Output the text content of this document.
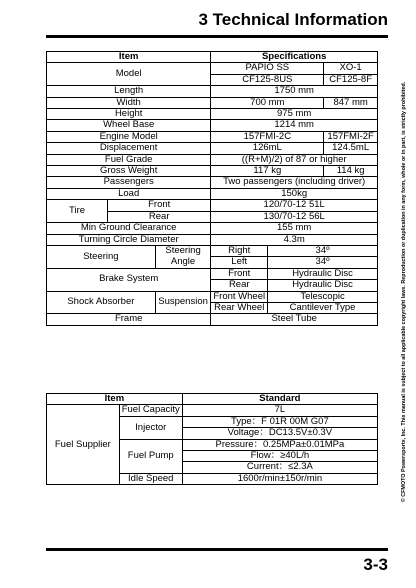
3 Technical Information
Item			Specifications		
Model			PAPIO SS		XO-1
			CF125-8US		CF125-8F
Length			1750 mm		
Width			700 mm		847 mm
Height			975 mm		
Wheel Base			1214 mm		
Engine Model			157FMI-2C		157FMI-2F
Displacement			126mL		124.5mL
Fuel Grade			((R+M)/2) of 87 or higher		
Gross Weight			117 kg		114 kg
Passengers			Two passengers (including driver)		
Load			150kg		
Tire	Front		120/70-12 51L		
	Rear		130/70-12 56L		
Min Ground Clearance			155 mm		
Turning Circle Diameter			4.3m		
Steering		Steering Angle	Right	34º	
			Left	34º	
Brake System			Front	Hydraulic Disc	
			Rear	Hydraulic Disc	
Shock Absorber		Suspension	Front Wheel	Telescopic	
			Rear Wheel	Cantilever Type	
Frame			Steel Tube		
Item		Standard
Fuel Supplier	Fuel Capacity	7L
	Injector	Type：F 01R 00M G07
		Voltage：DC13.5V±0.3V
	Fuel Pump	Pressure：0.25MPa±0.01MPa
		Flow：≥40L/h
		Current：≤2.3A
	Idle Speed	1600r/min±150r/min	© CFMOTO Powersports, Inc. This manual is subject to all applicable copyright laws. Reproduction or duplication in any form, whole or in part, is strictly prohibited.
3-3
